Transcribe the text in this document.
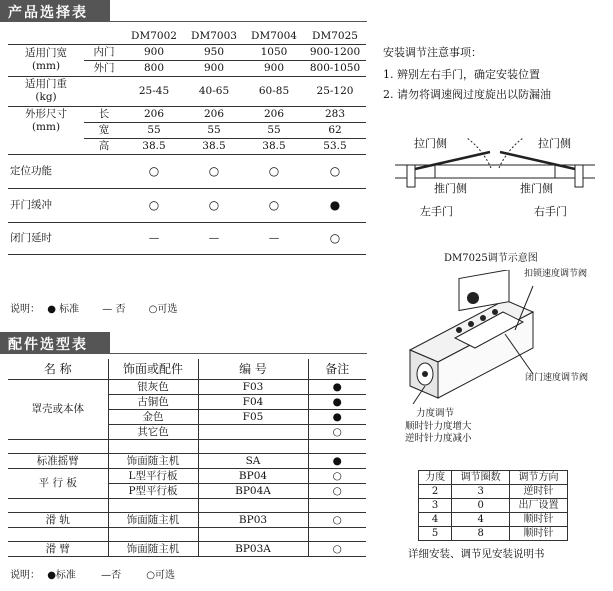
产品选择表
		DM7002	DM7003	DM7004	DM7025
适用门宽
(mm)	内门	900	950	1050	900-1200
	外门	800	900	900	800-1050
适用门重
(kg)		25-45	40-65	60-85	25-120
外形尺寸
(mm)	长	206	206	206	283
	宽	55	55	55	62
	高	38.5	38.5	38.5	53.5
定位功能		○	○	○	○
开门缓冲		○	○	○	●
闭门延时		—	—	—	○
说明： ● 标准 — 否 ○可选
配件选型表
名 称	饰面或配件	编 号	备注
罩壳或本体	银灰色	F03	●
	古铜色	F04	●
	金色	F05	●
	其它色		○

标准摇臂	饰面随主机	SA	●
平 行 板	L型平行板	BP04	○
	P型平行板	BP04A	○

滑 轨	饰面随主机	BP03	○

滑 臂	饰面随主机	BP03A	○
说明： ●标准	—否	○可选
安装调节注意事项：
1. 辨别左右手门，确定安装位置
2. 请勿将调速阀过度旋出以防漏油
拉门侧	拉门侧
推门侧	推门侧
左手门	右手门
DM7025调节示意图
扣锁速度调节阀
闭门速度调节阀
力度调节
顺时针力度增大
逆时针力度减小
力度	调节圈数	调节方向
2	3	逆时针
3	0	出厂设置
4	4	顺时针
5	8	顺时针
详细安装、调节见安装说明书
